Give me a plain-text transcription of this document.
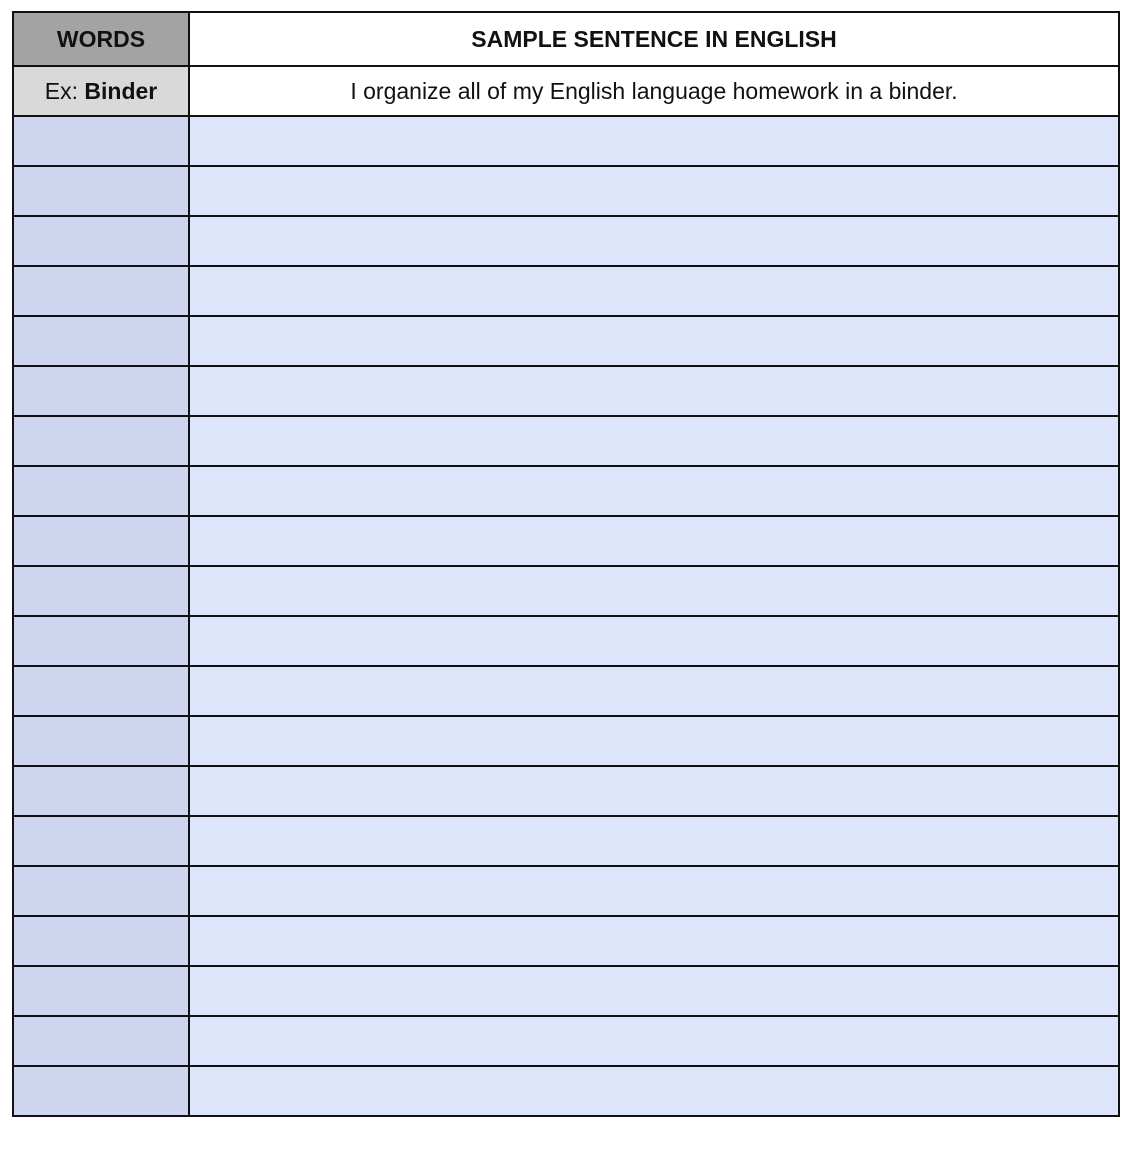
WORDS	SAMPLE SENTENCE IN ENGLISH
Ex: Binder	I organize all of my English language homework in a binder.
